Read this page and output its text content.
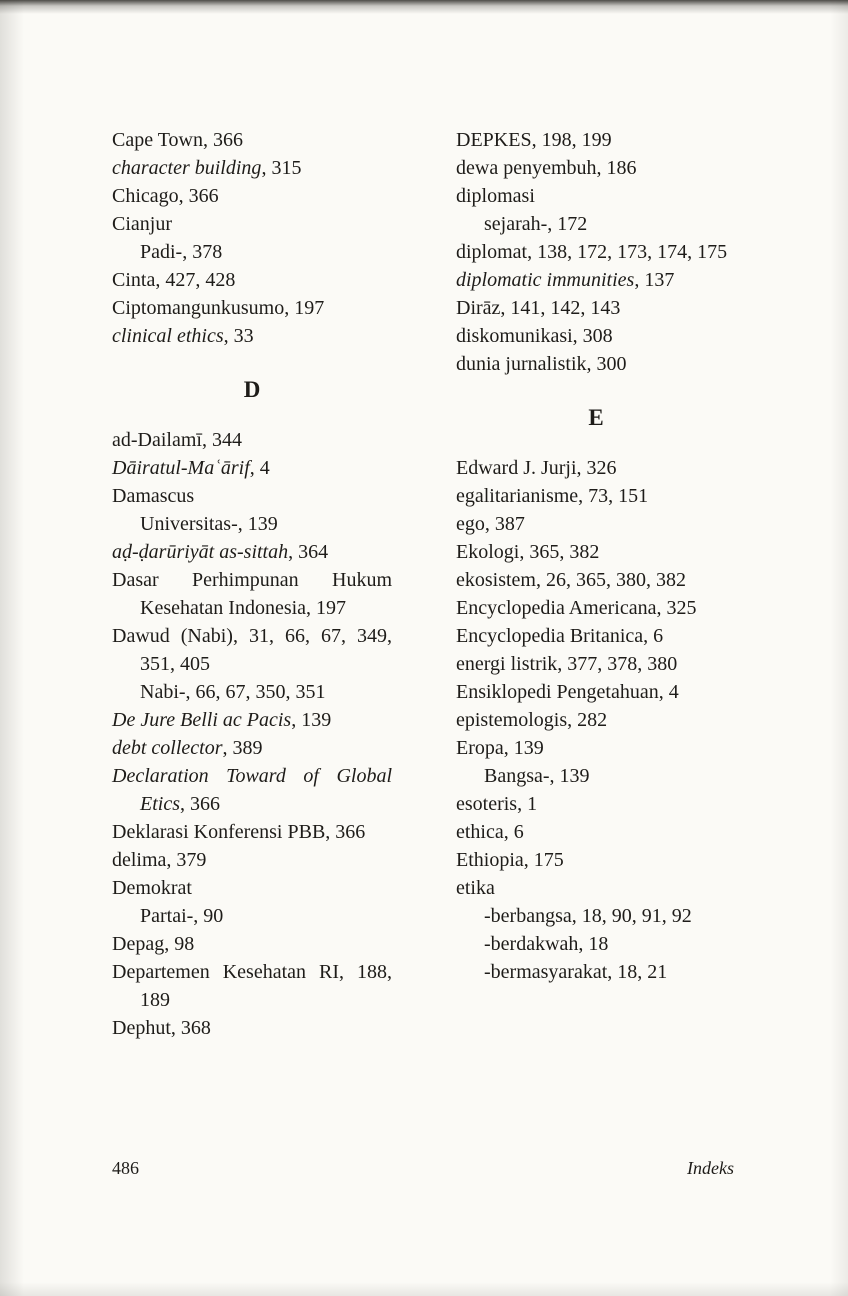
Cape Town, 366
character building, 315
Chicago, 366
Cianjur
Padi-, 378
Cinta, 427, 428
Ciptomangunkusumo, 197
clinical ethics, 33
D
ad-Dailamī, 344
Dāiratul-Maʿārif, 4
Damascus
Universitas-, 139
aḍ-ḍarūriyāt as-sittah, 364
Dasar Perhimpunan Hukum Kesehatan Indonesia, 197
Dawud (Nabi), 31, 66, 67, 349, 351, 405
Nabi-, 66, 67, 350, 351
De Jure Belli ac Pacis, 139
debt collector, 389
Declaration Toward of Global Etics, 366
Deklarasi Konferensi PBB, 366
delima, 379
Demokrat
Partai-, 90
Depag, 98
Departemen Kesehatan RI, 188, 189
Dephut, 368
DEPKES, 198, 199
dewa penyembuh, 186
diplomasi
sejarah-, 172
diplomat, 138, 172, 173, 174, 175
diplomatic immunities, 137
Dirāz, 141, 142, 143
diskomunikasi, 308
dunia jurnalistik, 300
E
Edward J. Jurji, 326
egalitarianisme, 73, 151
ego, 387
Ekologi, 365, 382
ekosistem, 26, 365, 380, 382
Encyclopedia Americana, 325
Encyclopedia Britanica, 6
energi listrik, 377, 378, 380
Ensiklopedi Pengetahuan, 4
epistemologis, 282
Eropa, 139
Bangsa-, 139
esoteris, 1
ethica, 6
Ethiopia, 175
etika
-berbangsa, 18, 90, 91, 92
-berdakwah, 18
-bermasyarakat, 18, 21
486	Indeks
